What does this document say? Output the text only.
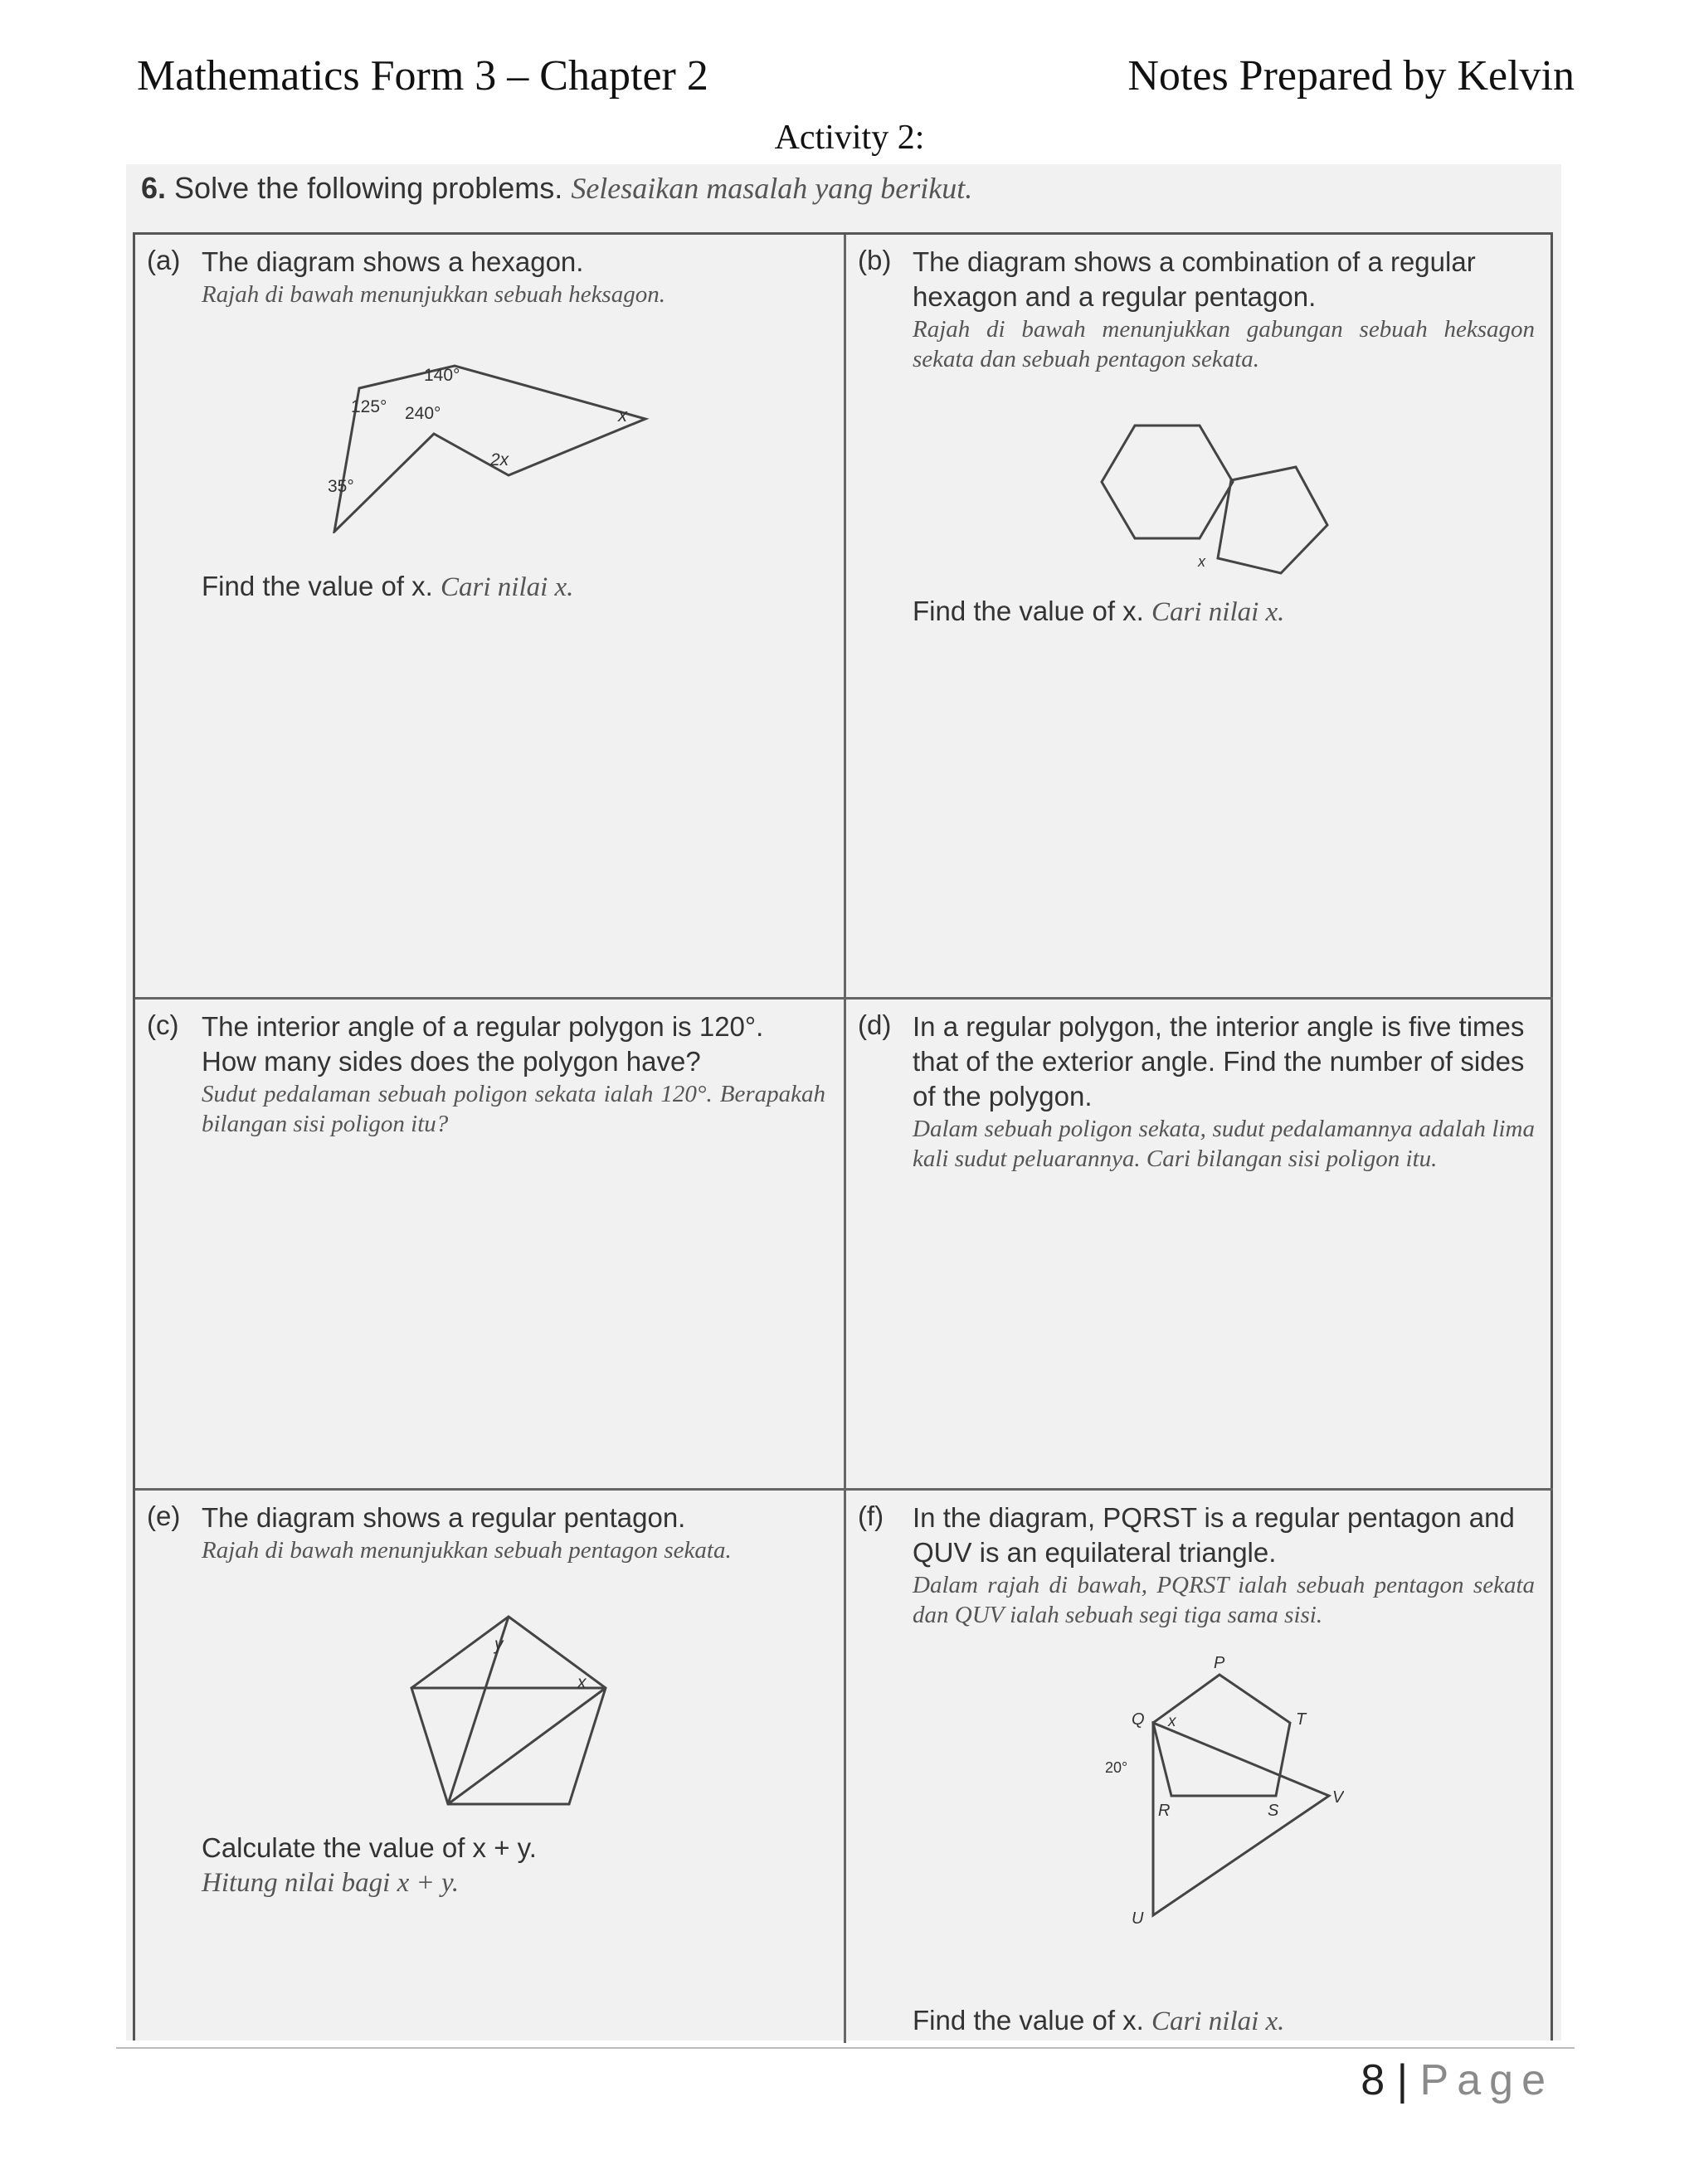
Mathematics Form 3 – Chapter 2	Notes Prepared by Kelvin
Activity 2:
6. Solve the following problems. Selesaikan masalah yang berikut.
(a) The diagram shows a hexagon.
Rajah di bawah menunjukkan sebuah heksagon.
140°
125° 240°	x
2x
35°
Find the value of x. Cari nilai x.
(b) The diagram shows a combination of a regular hexagon and a regular pentagon.
Rajah di bawah menunjukkan gabungan sebuah heksagon sekata dan sebuah pentagon sekata.
x
Find the value of x. Cari nilai x.
(c) The interior angle of a regular polygon is 120°. How many sides does the polygon have?
Sudut pedalaman sebuah poligon sekata ialah 120°. Berapakah bilangan sisi poligon itu?
(d) In a regular polygon, the interior angle is five times that of the exterior angle. Find the number of sides of the polygon.
Dalam sebuah poligon sekata, sudut pedalamannya adalah lima kali sudut peluarannya. Cari bilangan sisi poligon itu.
(e) The diagram shows a regular pentagon.
Rajah di bawah menunjukkan sebuah pentagon sekata.
y
x
Calculate the value of x + y.
Hitung nilai bagi x + y.
(f) In the diagram, PQRST is a regular pentagon and QUV is an equilateral triangle.
Dalam rajah di bawah, PQRST ialah sebuah pentagon sekata dan QUV ialah sebuah segi tiga sama sisi.
P
Q	T
R	S
V
U
x
20°
Find the value of x. Cari nilai x.
8 | Page
